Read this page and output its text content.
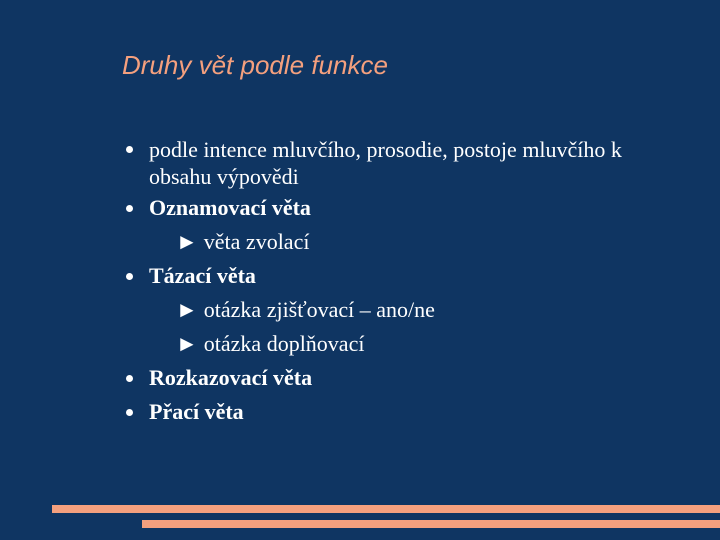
Druhy vět podle funkce
podle intence mluvčího, prosodie, postoje mluvčího k obsahu výpovědi
Oznamovací věta
► věta zvolací
Tázací věta
► otázka zjišťovací – ano/ne
► otázka doplňovací
Rozkazovací věta
Přací věta
